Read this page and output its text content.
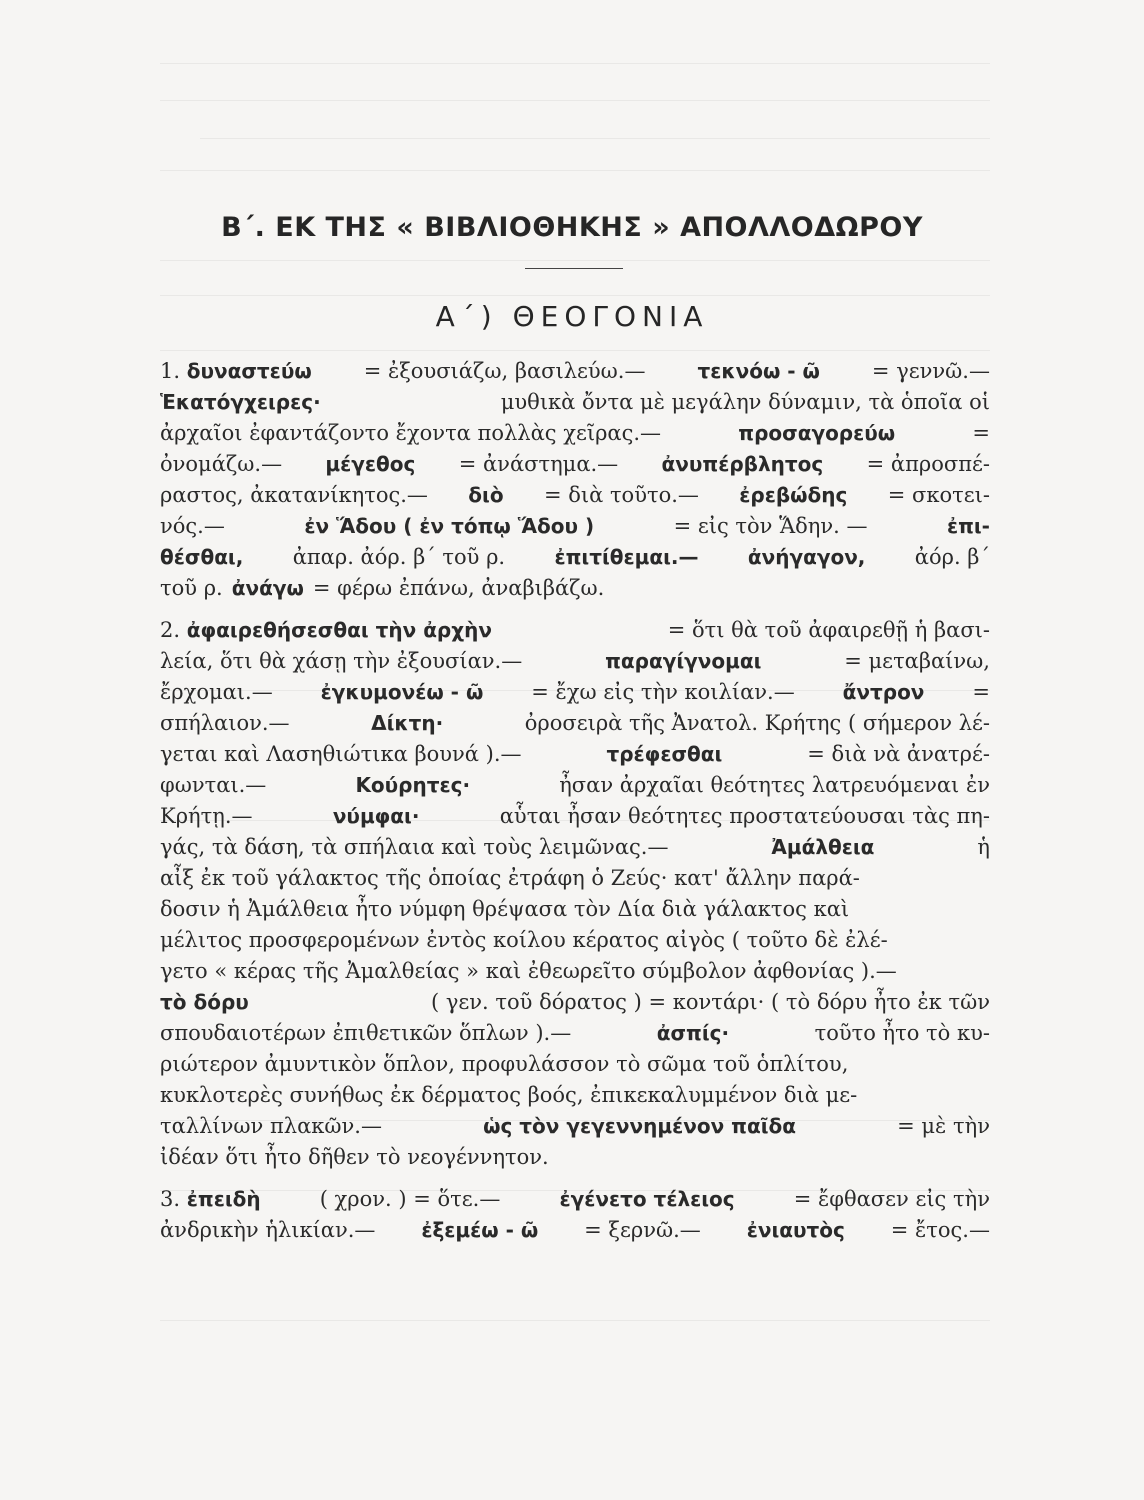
Β΄. ΕΚ ΤΗΣ « ΒΙΒΛΙΟΘΗΚΗΣ » ΑΠΟΛΛΟΔΩΡΟΥ
Α΄) ΘΕΟΓΟΝΙΑ
1. δυναστεύω = ἐξουσιάζω, βασιλεύω.—	τεκνόω - ῶ = γεννῶ.—
Ἑκατόγχειρες·	μυθικὰ ὄντα μὲ μεγάλην δύναμιν, τὰ ὁποῖα οἱ
ἀρχαῖοι ἐφαντάζοντο ἔχοντα πολλὰς χεῖρας.—	προσαγορεύω	=
ὀνομάζω.— μέγεθος = ἀνάστημα.— ἀνυπέρβλητος = ἀπροσπέ-
ραστος, ἀκατανίκητος.— διὸ = διὰ τοῦτο.— ἐρεβώδης = σκοτει-
νός.—	ἐν Ἅδου ( ἐν τόπῳ Ἅδου )	= εἰς τὸν Ἅδην. —	ἐπι-
θέσθαι, ἀπαρ. ἀόρ. β΄ τοῦ ρ. ἐπιτίθεμαι.— ἀνήγαγον, ἀόρ. β΄
τοῦ ρ. ἀνάγω = φέρω ἐπάνω, ἀναβιβάζω.
2. ἀφαιρεθήσεσθαι τὴν ἀρχὴν	= ὅτι θὰ τοῦ ἀφαιρεθῇ ἡ βασι-
λεία, ὅτι θὰ χάσῃ τὴν ἐξουσίαν.—	παραγίγνομαι	= μεταβαίνω,
ἔρχομαι.— ἐγκυμονέω - ῶ = ἔχω εἰς τὴν κοιλίαν.— ἄντρον =
σπήλαιον.—	Δίκτη·	ὀροσειρὰ τῆς Ἀνατολ. Κρήτης ( σήμερον λέ-
γεται καὶ Λασηθιώτικα βουνά ).—	τρέφεσθαι	= διὰ νὰ ἀνατρέ-
φωνται.—	Κούρητες·	ἦσαν ἀρχαῖαι θεότητες λατρευόμεναι ἐν
Κρήτῃ.—	νύμφαι·	αὗται ἦσαν θεότητες προστατεύουσαι τὰς πη-
γάς, τὰ δάση, τὰ σπήλαια καὶ τοὺς λειμῶνας.—	Ἀμάλθεια	ἡ
αἶξ ἐκ τοῦ γάλακτος τῆς ὁποίας ἐτράφη ὁ Ζεύς· κατ' ἄλλην παρά-
δοσιν ἡ Ἀμάλθεια ἦτο νύμφη θρέψασα τὸν Δία διὰ γάλακτος καὶ
μέλιτος προσφερομένων ἐντὸς κοίλου κέρατος αἰγὸς ( τοῦτο δὲ ἐλέ-
γετο « κέρας τῆς Ἀμαλθείας » καὶ ἐθεωρεῖτο σύμβολον ἀφθονίας ).—
τὸ δόρυ	( γεν. τοῦ δόρατος ) = κοντάρι· ( τὸ δόρυ ἦτο ἐκ τῶν
σπουδαιοτέρων ἐπιθετικῶν ὅπλων ).—	ἀσπίς·	τοῦτο ἦτο τὸ κυ-
ριώτερον ἀμυντικὸν ὅπλον, προφυλάσσον τὸ σῶμα τοῦ ὁπλίτου,
κυκλοτερὲς συνήθως ἐκ δέρματος βοός, ἐπικεκαλυμμένον διὰ με-
ταλλίνων πλακῶν.—	ὡς τὸν γεγεννημένον παῖδα	= μὲ τὴν
ἰδέαν ὅτι ἦτο δῆθεν τὸ νεογέννητον.
3. ἐπειδὴ	( χρον. ) = ὅτε.—	ἐγένετο τέλειος	= ἔφθασεν εἰς τὴν
ἀνδρικὴν ἡλικίαν.— ἐξεμέω - ῶ = ξερνῶ.— ἐνιαυτὸς = ἔτος.—
